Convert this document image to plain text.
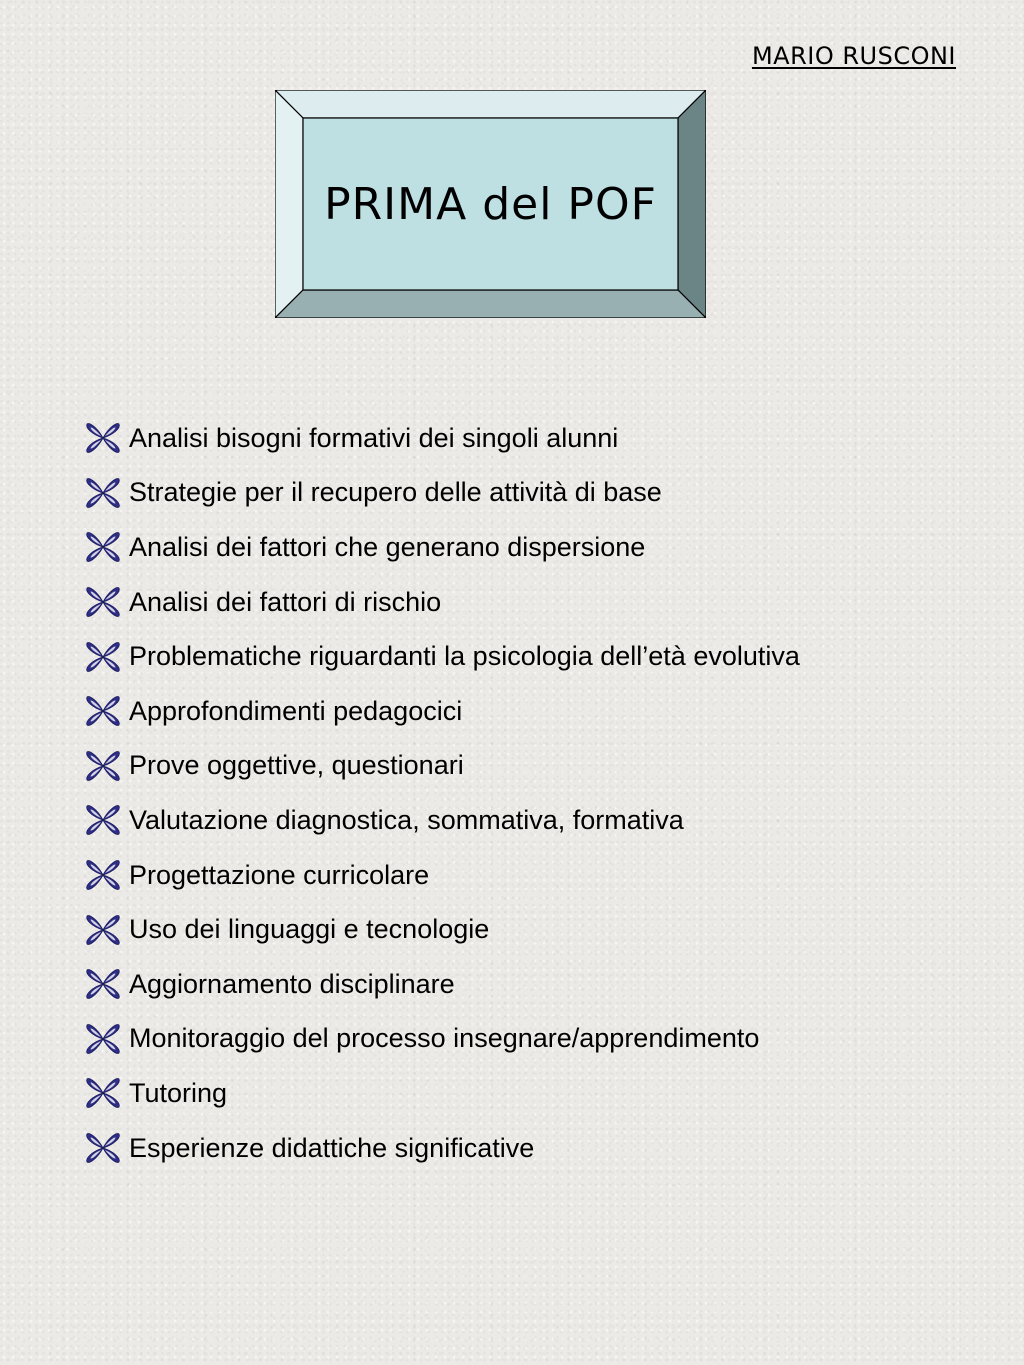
MARIO RUSCONI
PRIMA del POF
Analisi bisogni formativi dei singoli alunni
Strategie per il recupero delle attività di base
Analisi dei fattori che generano dispersione
Analisi dei fattori di rischio
Problematiche riguardanti la psicologia dell’età evolutiva
Approfondimenti pedagocici
Prove oggettive, questionari
Valutazione diagnostica, sommativa, formativa
Progettazione curricolare
Uso dei linguaggi e tecnologie
Aggiornamento disciplinare
Monitoraggio del processo insegnare/apprendimento
Tutoring
Esperienze didattiche significative
